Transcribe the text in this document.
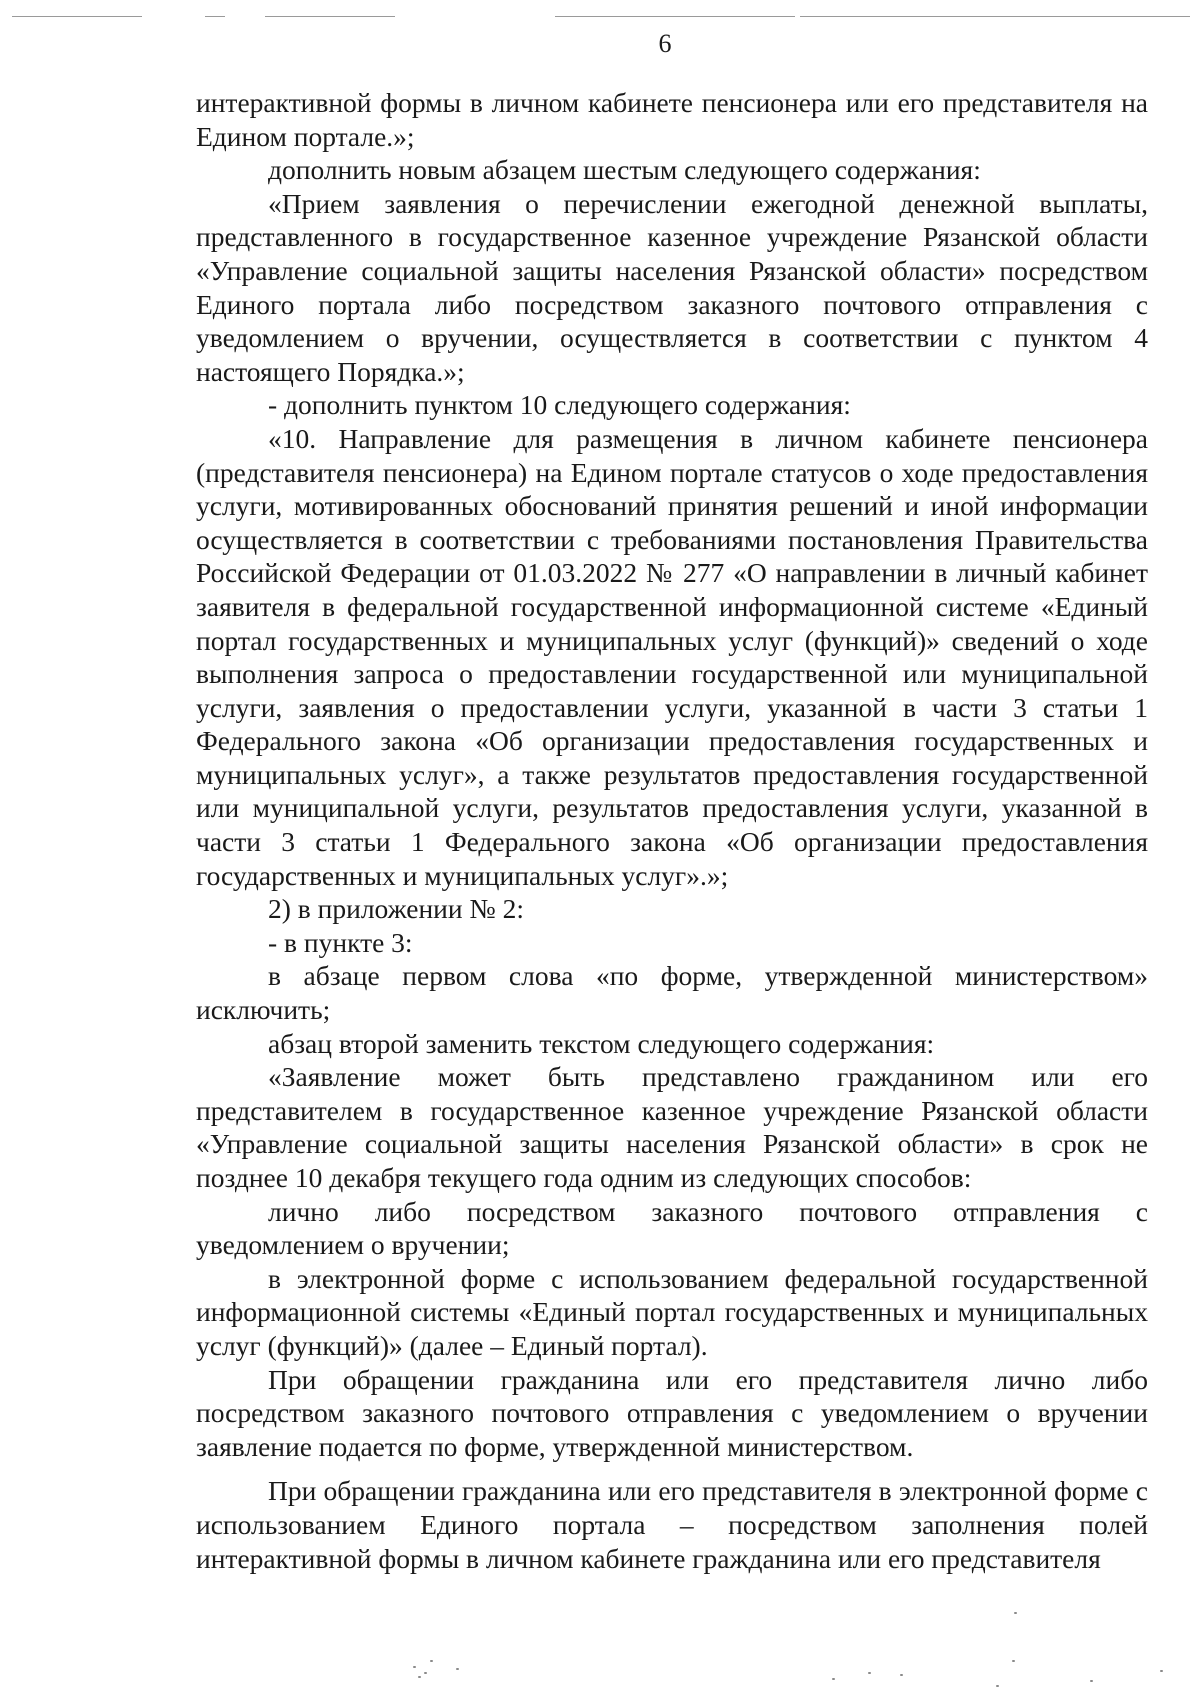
6

интерактивной формы в личном кабинете пенсионера или его представителя на Едином портале.»;

дополнить новым абзацем шестым следующего содержания:

«Прием заявления о перечислении ежегодной денежной выплаты, представленного в государственное казенное учреждение Рязанской области «Управление социальной защиты населения Рязанской области» посредством Единого портала либо посредством заказного почтового отправления с уведомлением о вручении, осуществляется в соответствии с пунктом 4 настоящего Порядка.»;

- дополнить пунктом 10 следующего содержания:

«10. Направление для размещения в личном кабинете пенсионера (представителя пенсионера) на Едином портале статусов о ходе предоставления услуги, мотивированных обоснований принятия решений и иной информации осуществляется в соответствии с требованиями постановления Правительства Российской Федерации от 01.03.2022 № 277 «О направлении в личный кабинет заявителя в федеральной государственной информационной системе «Единый портал государственных и муниципальных услуг (функций)» сведений о ходе выполнения запроса о предоставлении государственной или муниципальной услуги, заявления о предоставлении услуги, указанной в части 3 статьи 1 Федерального закона «Об организации предоставления государственных и муниципальных услуг», а также результатов предоставления государственной или муниципальной услуги, результатов предоставления услуги, указанной в части 3 статьи 1 Федерального закона «Об организации предоставления государственных и муниципальных услуг».»;

2) в приложении № 2:

- в пункте 3:

в абзаце первом слова «по форме, утвержденной министерством» исключить;

абзац второй заменить текстом следующего содержания:

«Заявление может быть представлено гражданином или его представителем в государственное казенное учреждение Рязанской области «Управление социальной защиты населения Рязанской области» в срок не позднее 10 декабря текущего года одним из следующих способов:

лично либо посредством заказного почтового отправления с уведомлением о вручении;

в электронной форме с использованием федеральной государственной информационной системы «Единый портал государственных и муниципальных услуг (функций)» (далее – Единый портал).

При обращении гражданина или его представителя лично либо посредством заказного почтового отправления с уведомлением о вручении заявление подается по форме, утвержденной министерством.

При обращении гражданина или его представителя в электронной форме с использованием Единого портала – посредством заполнения полей интерактивной формы в личном кабинете гражданина или его представителя
